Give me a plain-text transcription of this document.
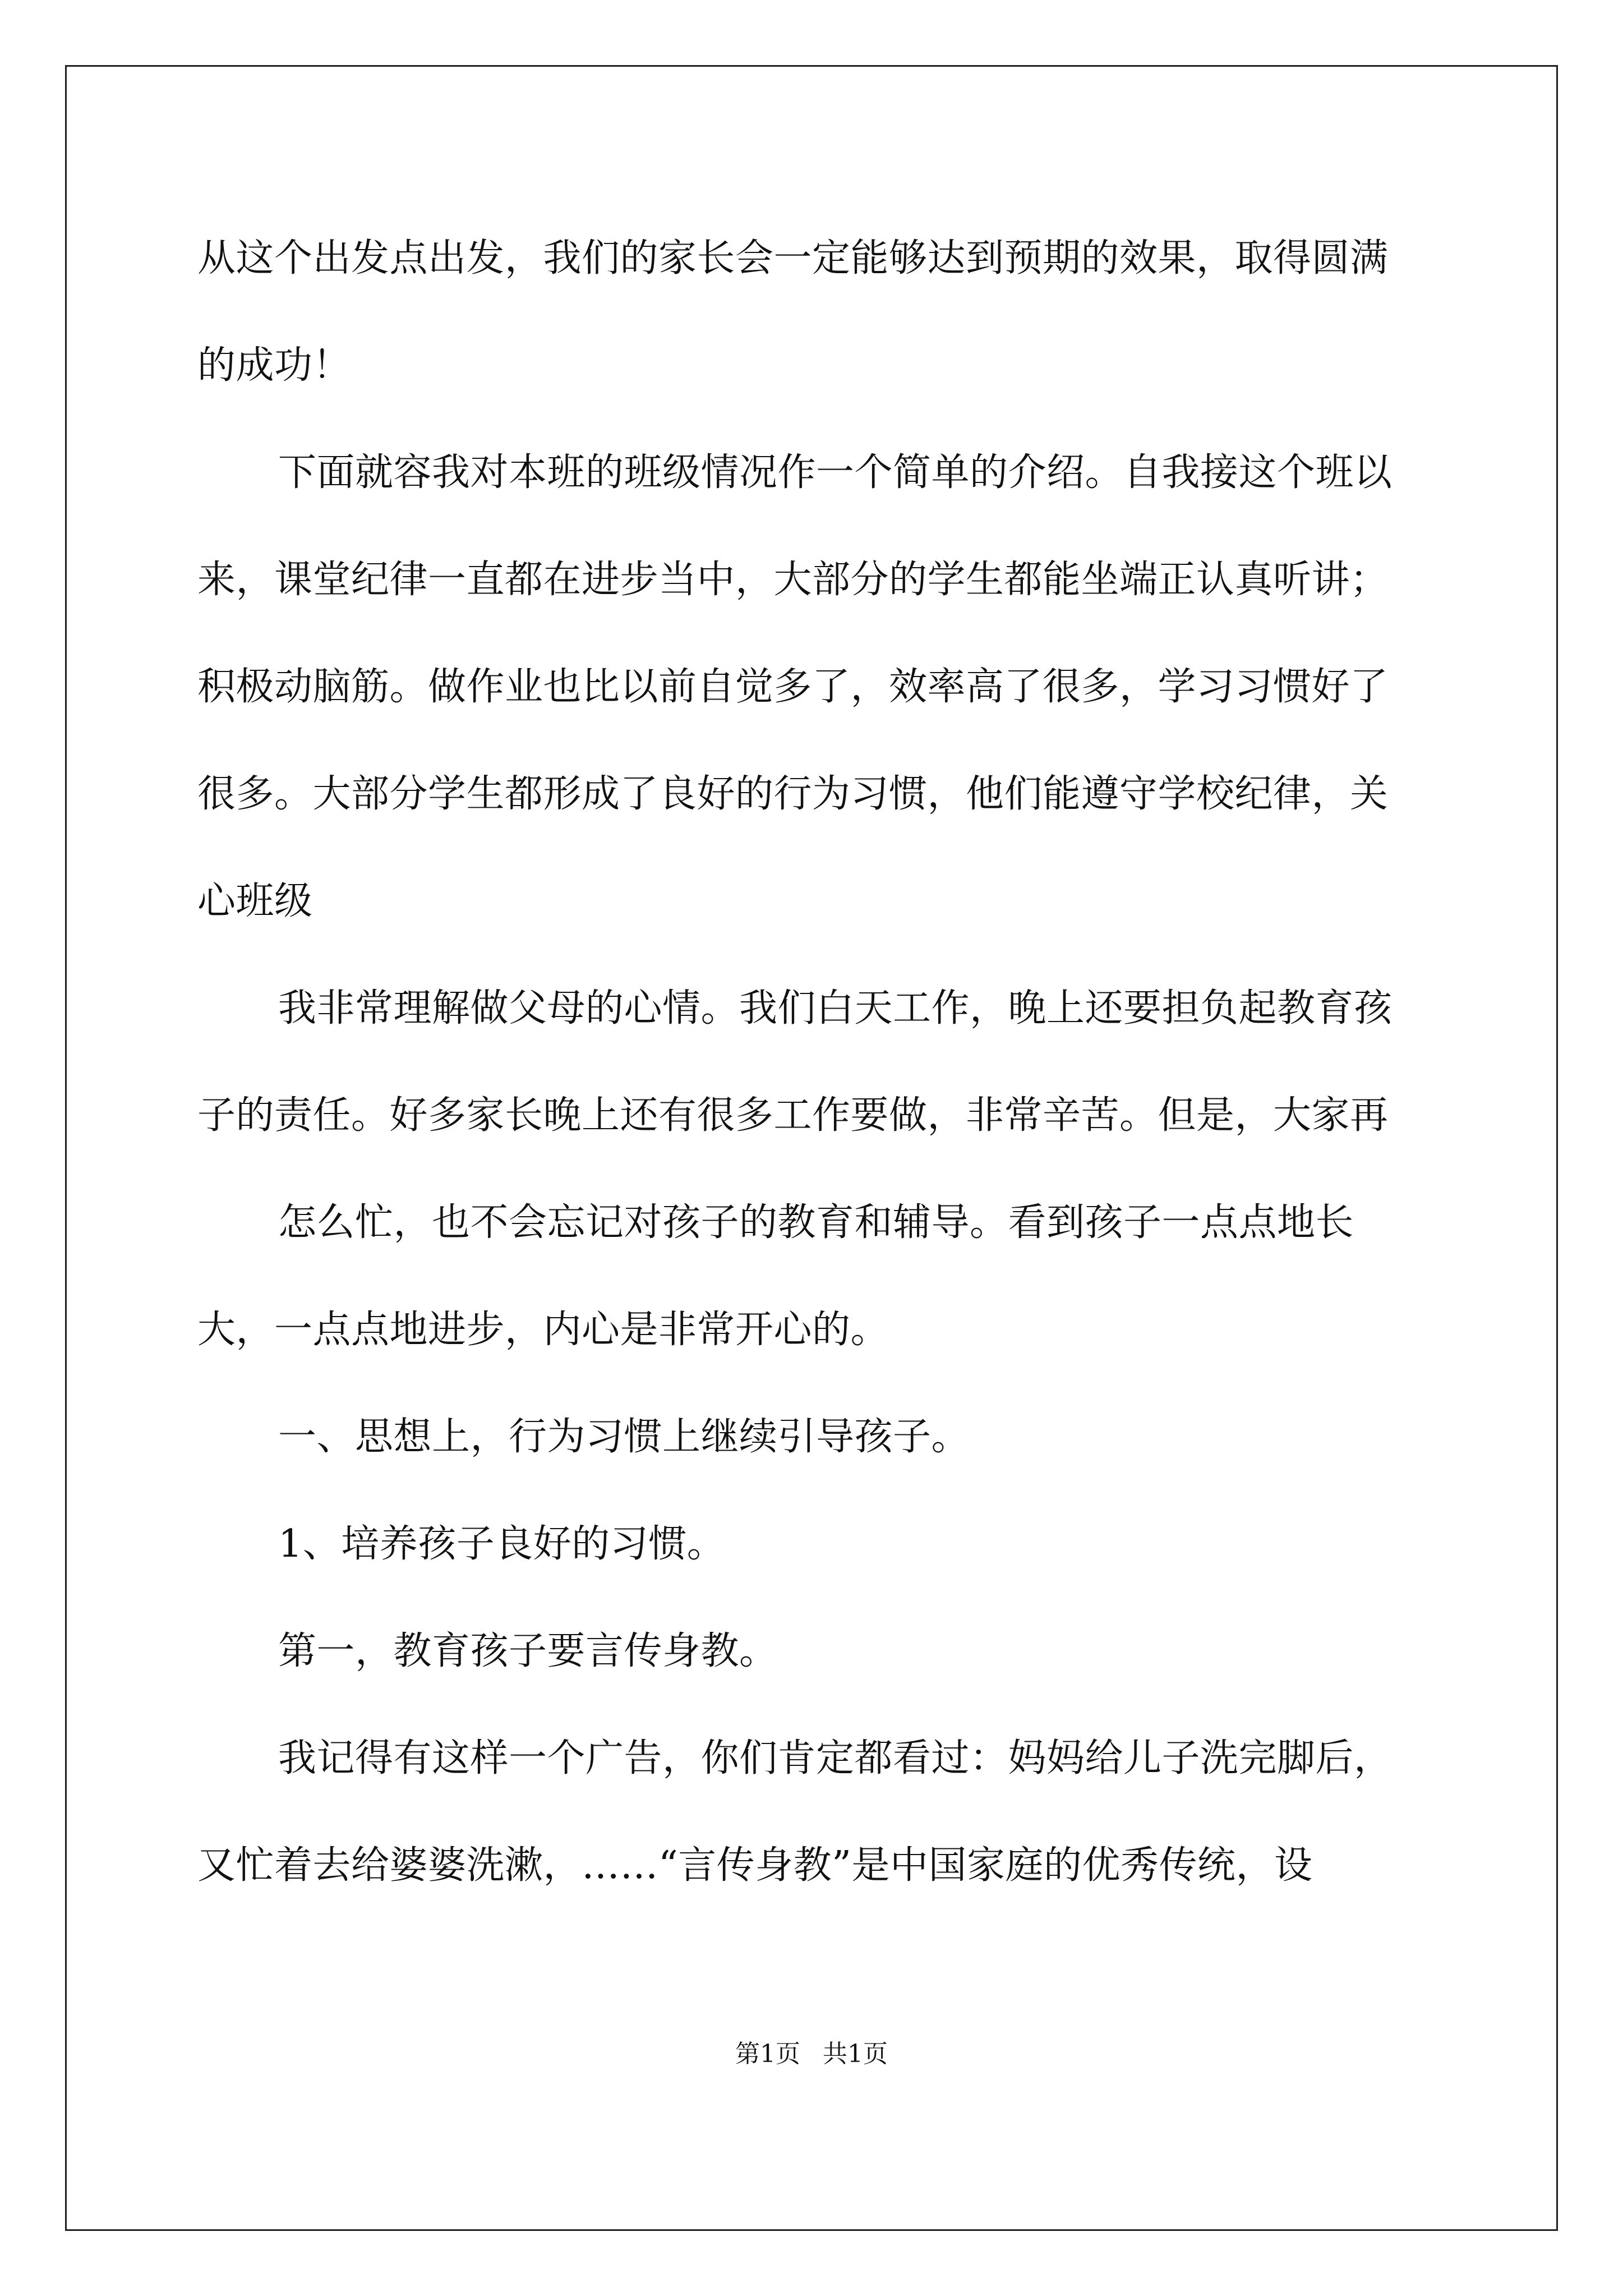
从这个出发点出发，我们的家长会一定能够达到预期的效果，取得圆满的成功！

下面就容我对本班的班级情况作一个简单的介绍。自我接这个班以来，课堂纪律一直都在进步当中，大部分的学生都能坐端正认真听讲；积极动脑筋。做作业也比以前自觉多了，效率高了很多，学习习惯好了很多。大部分学生都形成了良好的行为习惯，他们能遵守学校纪律，关心班级

我非常理解做父母的心情。我们白天工作，晚上还要担负起教育孩子的责任。好多家长晚上还有很多工作要做，非常辛苦。但是，大家再

怎么忙，也不会忘记对孩子的教育和辅导。看到孩子一点点地长大，一点点地进步，内心是非常开心的。

一、思想上，行为习惯上继续引导孩子。

1、培养孩子良好的习惯。

第一，教育孩子要言传身教。

我记得有这样一个广告，你们肯定都看过：妈妈给儿子洗完脚后，又忙着去给婆婆洗漱，……“言传身教”是中国家庭的优秀传统，设

第1页 共1页
